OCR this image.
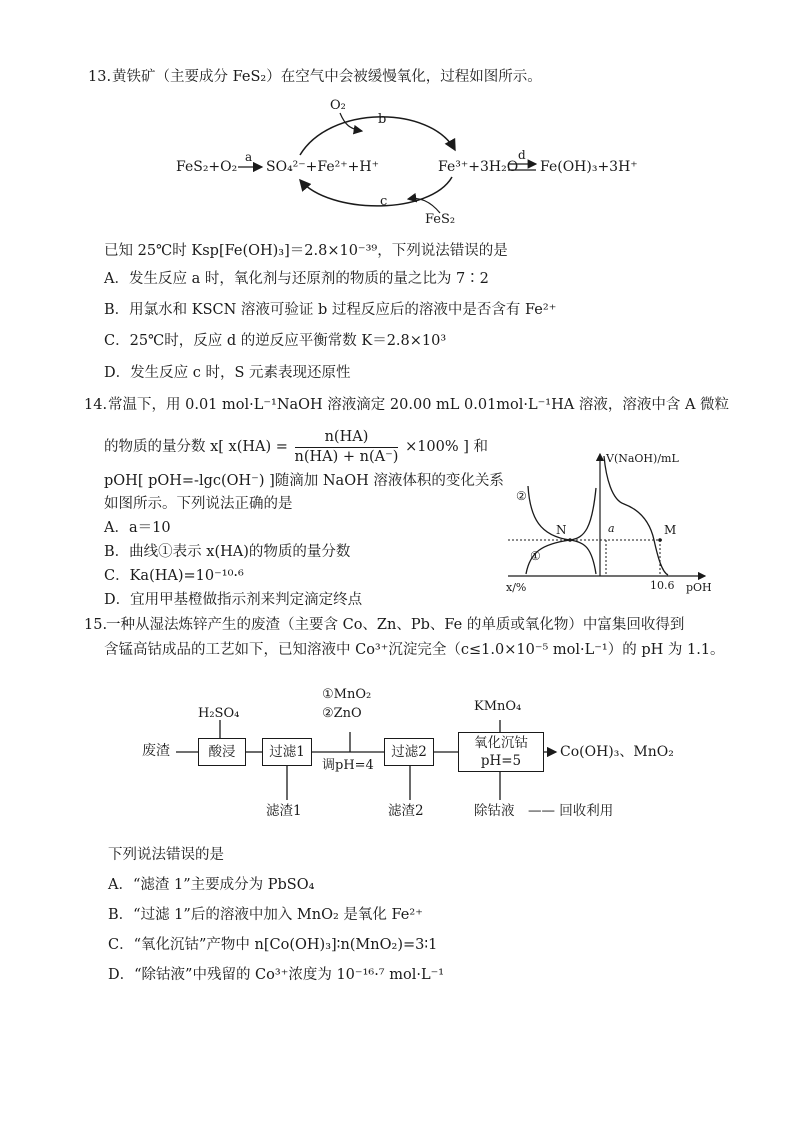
13. 黄铁矿（主要成分 FeS₂）在空气中会被缓慢氧化，过程如图所示。
O₂
b
c
FeS₂
FeS₂+O₂
a
SO₄²⁻+Fe²⁺+H⁺	Fe³⁺+3H₂O
d
Fe(OH)₃+3H⁺
已知 25℃时 Ksp[Fe(OH)₃]＝2.8×10⁻³⁹，下列说法错误的是
A．发生反应 a 时，氧化剂与还原剂的物质的量之比为 7∶2
B．用氯水和 KSCN 溶液可验证 b 过程反应后的溶液中是否含有 Fe²⁺
C．25℃时，反应 d 的逆反应平衡常数 K＝2.8×10³
D．发生反应 c 时，S 元素表现还原性
14. 常温下，用 0.01 mol·L⁻¹NaOH 溶液滴定 20.00 mL 0.01mol·L⁻¹HA 溶液，溶液中含 A 微粒
的物质的量分数 x[ $x(HA) = \frac{n(HA)}{n(HA) + n(A^-)} \times 100\%$ ] 和
pOH[ pOH=-lgc(OH⁻) ]随滴加 NaOH 溶液体积的变化关系
如图所示。下列说法正确的是
A．a＝10
B．曲线①表示 x(HA)的物质的量分数
C．Ka(HA)=10⁻¹⁰·⁶
D．宜用甲基橙做指示剂来判定滴定终点
V(NaOH)/mL
x/%	pOH
10.6
N	M
a
①
②
15.
一种从湿法炼锌产生的废渣（主要含 Co、Zn、Pb、Fe 的单质或氧化物）中富集回收得到
含锰高钴成品的工艺如下，已知溶液中 Co³⁺沉淀完全（c≤1.0×10⁻⁵ mol·L⁻¹）的 pH 为 1.1。
废渣
H₂SO₄
酸浸	过滤1
①MnO₂
②ZnO
调pH=4
过滤2
KMnO₄
氧化沉钴
pH=5
Co(OH)₃、MnO₂
滤渣1	滤渣2	除钴液 —— 回收利用
下列说法错误的是
A．“滤渣 1”主要成分为 PbSO₄
B．“过滤 1”后的溶液中加入 MnO₂ 是氧化 Fe²⁺
C．“氧化沉钴”产物中 n[Co(OH)₃]∶n(MnO₂)=3∶1
D．“除钴液”中残留的 Co³⁺浓度为 10⁻¹⁶·⁷ mol·L⁻¹
